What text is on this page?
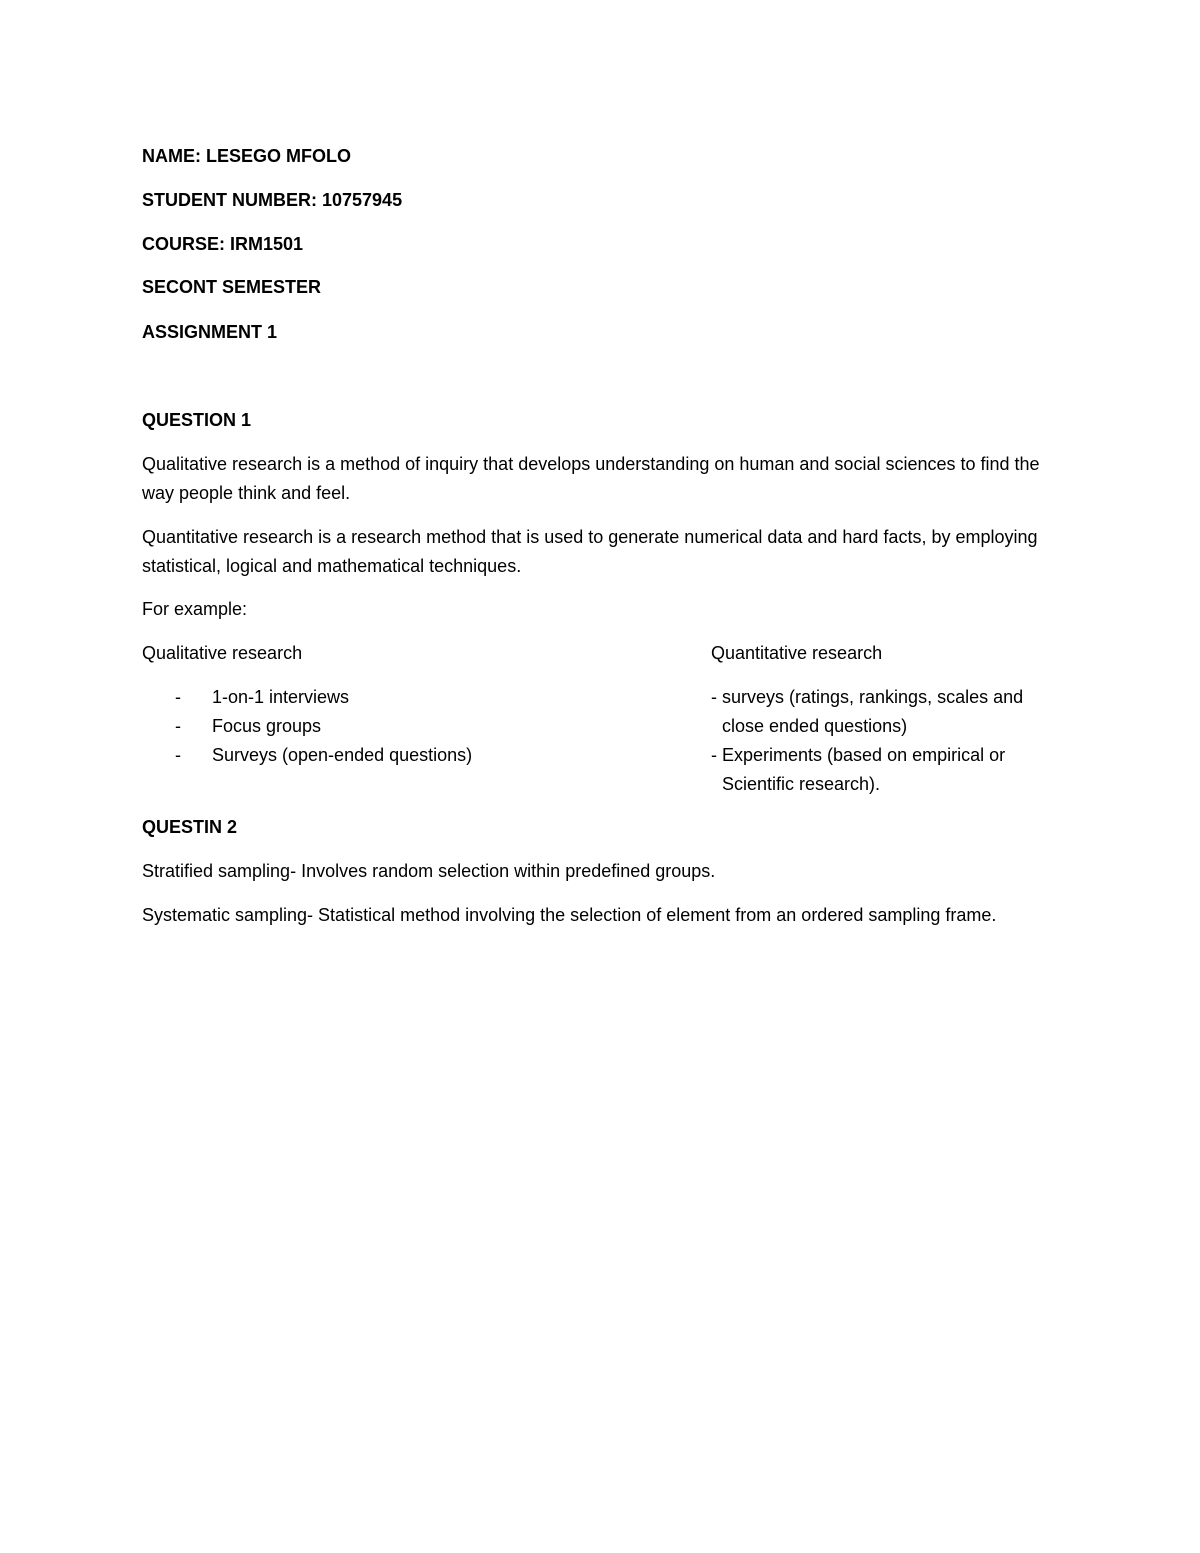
NAME: LESEGO MFOLO
STUDENT NUMBER: 10757945
COURSE: IRM1501
SECONT SEMESTER
ASSIGNMENT 1
QUESTION 1
Qualitative research is a method of inquiry that develops understanding on human and social sciences to find the way people think and feel.
Quantitative research is a research method that is used to generate numerical data and hard facts, by employing statistical, logical and mathematical techniques.
For example:
Qualitative research
- 1-on-1 interviews
- Focus groups
- Surveys (open-ended questions)
Quantitative research
- surveys (ratings, rankings, scales and
close ended questions)
- Experiments (based on empirical or
Scientific research).
QUESTIN 2
Stratified sampling- Involves random selection within predefined groups.
Systematic sampling- Statistical method involving the selection of element from an ordered sampling frame.
